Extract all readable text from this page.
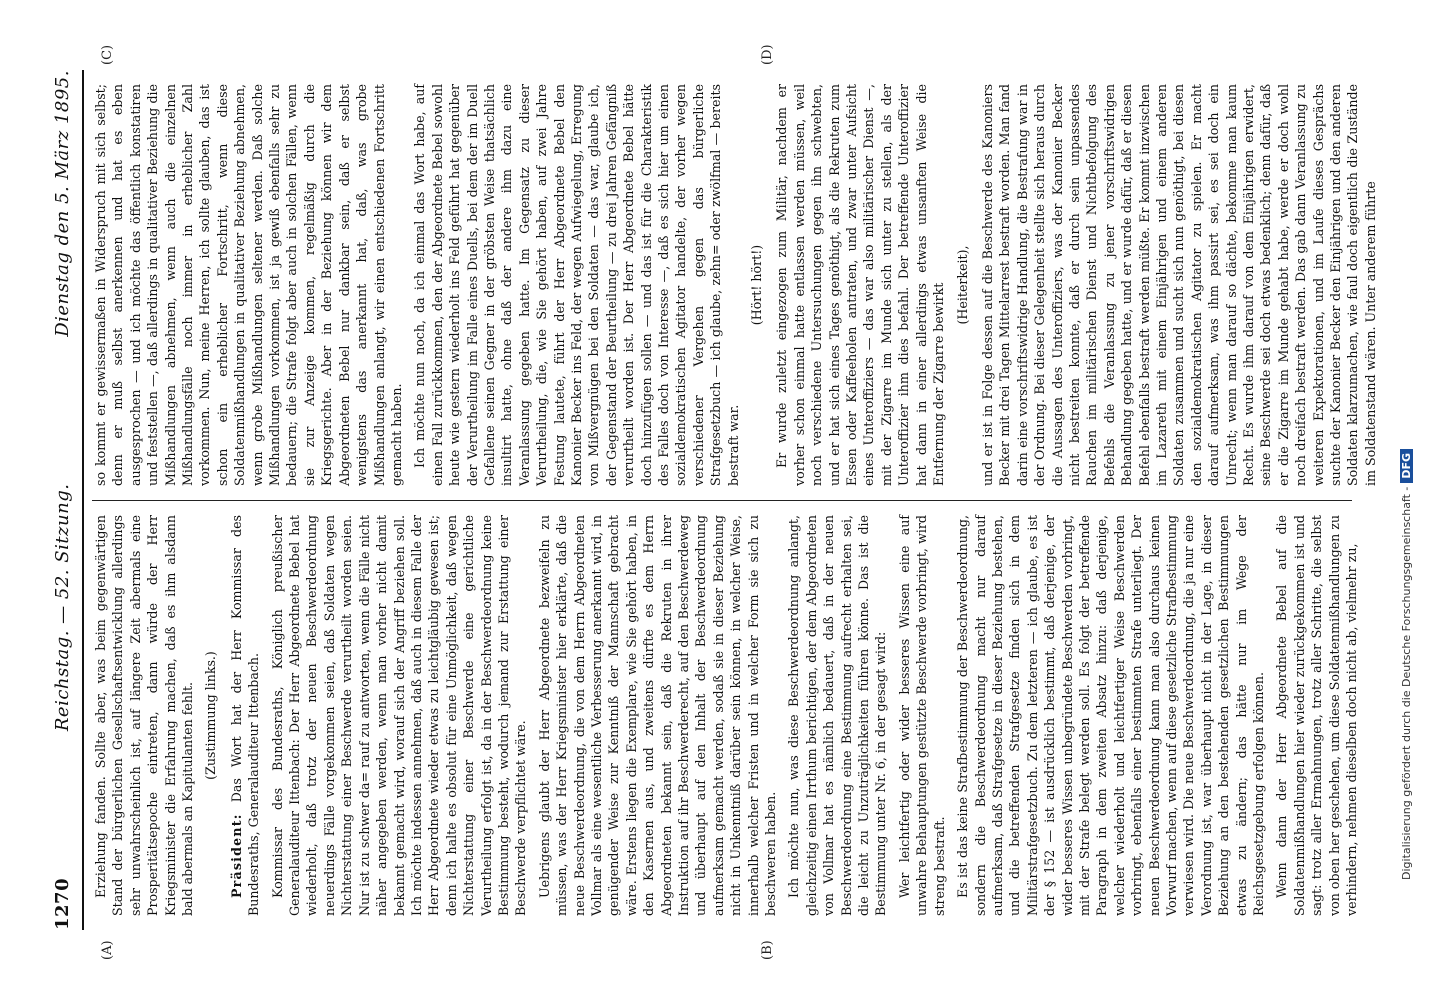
1270
Reichstag. — 52. Sitzung.
Dienstag den 5. März 1895.
(A)	(B)
(C)	(D)

Erziehung fanden. Sollte aber, was beim gegenwärtigen Stand der bürgerlichen Gesellschaftsentwicklung allerdings sehr unwahrscheinlich ist, auf längere Zeit abermals eine Prosperitätsepoche eintreten, dann würde der Herr Kriegsminister die Erfahrung machen, daß es ihm alsdann bald abermals an Kapitulanten fehlt. (Zustimmung links.)

Präsident: Das Wort hat der Herr Kommissar des Bundesraths, Generalauditeur Ittenbach. Kommissar des Bundesraths, Königlich preußischer Generalauditeur Ittenbach: Der Herr Abgeordnete Bebel hat wiederholt, daß trotz der neuen Beschwerdeordnung neuerdings Fälle vorgekommen seien, daß Soldaten wegen Nichterstattung einer Beschwerde verurtheilt worden seien. Nur ist zu schwer da= rauf zu antworten, wenn die Fälle nicht näher angegeben werden, wenn man vorher nicht damit bekannt gemacht wird, worauf sich der Angriff beziehen soll. Ich möchte indessen annehmen, daß auch in diesem Falle der Herr Abgeordnete wieder etwas zu leichtgläubig gewesen ist; denn ich halte es obsolut für eine Unmöglichkeit, daß wegen Nichterstattung einer Beschwerde eine gerichtliche Verurtheilung erfolgt ist, da in der Beschwerdeordnung keine Bestimmung besteht, wodurch jemand zur Erstattung einer Beschwerde verpflichtet wäre. Uebrigens glaubt der Herr Abgeordnete bezweifeln zu müssen, was der Herr Kriegsminister hier erklärte, daß die neue Beschwerdeordnung, die von dem Herrn Abgeordneten Vollmar als eine wesentliche Verbesserung anerkannt wird, in genügender Weise zur Kenntniß der Mannschaft gebracht wäre. Erstens liegen die Exemplare, wie Sie gehört haben, in den Kasernen aus, und zweitens dürfte es dem Herrn Abgeordneten bekannt sein, daß die Rekruten in ihrer Instruktion auf ihr Beschwerderecht, auf den Beschwerdeweg und überhaupt auf den Inhalt der Beschwerdeordnung aufmerksam gemacht werden, sodaß sie in dieser Beziehung nicht in Unkenntniß darüber sein können, in welcher Weise, innerhalb welcher Fristen und in welcher Form sie sich zu beschweren haben. Ich möchte nun, was diese Beschwerdeordnung anlangt, gleichzeitig einen Irrthum berichtigen, der dem Abgeordneten von Vollmar hat es nämlich bedauert, daß in der neuen Beschwerdeordnung eine Bestimmung aufrecht erhalten sei, die leicht zu Unzuträglichkeiten führen könne. Das ist die Bestimmung unter Nr. 6, in der gesagt wird: Wer leichtfertig oder wider besseres Wissen eine auf unwahre Behauptungen gestützte Beschwerde vorbringt, wird streng bestraft. Es ist das keine Strafbestimmung der Beschwerdeordnung, sondern die Beschwerdeordnung macht nur darauf aufmerksam, daß Strafgesetze in dieser Beziehung bestehen, und die betreffenden Strafgesetze finden sich in dem Militärstrafgesetzbuch. Zu dem letzteren — ich glaube, es ist der § 152 — ist ausdrücklich bestimmt, daß derjenige, der wider besseres Wissen unbegründete Beschwerden vorbringt, mit der Strafe belegt werden soll. Es folgt der betreffende Paragraph in dem zweiten Absatz hinzu: daß derjenige, welcher wiederholt und leichtfertiger Weise Beschwerden vorbringt, ebenfalls einer bestimmten Strafe unterliegt. Der neuen Beschwerdeordnung kann man also durchaus keinen Vorwurf machen, wenn auf diese gesetzliche Strafbestimmung verwiesen wird. Die neue Beschwerdeordnung, die ja nur eine Verordnung ist, war überhaupt nicht in der Lage, in dieser Beziehung an den bestehenden gesetzlichen Bestimmungen etwas zu ändern; das hätte nur im Wege der Reichsgesetzgebung erfolgen können. Wenn dann der Herr Abgeordnete Bebel auf die Soldatenmißhandlungen hier wieder zurückgekommen ist und sagt: trotz aller Ermahnungen, trotz aller Schritte, die selbst von oben her geschehen, um diese Soldatenmißhandlungen zu verhindern, nehmen dieselben doch nicht ab, vielmehr zu,

so kommt er gewissermaßen in Widerspruch mit sich selbst; denn er muß selbst anerkennen und hat es eben ausgesprochen — und ich möchte das öffentlich konstatiren und feststellen —, daß allerdings in qualitativer Beziehung die Mißhandlungen abnehmen, wenn auch die einzelnen Mißhandlungsfälle noch immer in erheblicher Zahl vorkommen. Nun, meine Herren, ich sollte glauben, das ist schon ein erheblicher Fortschritt, wenn diese Soldatenmißhandlungen in qualitativer Beziehung abnehmen, wenn grobe Mißhandlungen seltener werden. Daß solche Mißhandlungen vorkommen, ist ja gewiß ebenfalls sehr zu bedauern; die Strafe folgt aber auch in solchen Fällen, wenn sie zur Anzeige kommen, regelmäßig durch die Kriegsgerichte. Aber in der Beziehung können wir dem Abgeordneten Bebel nur dankbar sein, daß er selbst wenigstens das anerkannt hat, daß, was grobe Mißhandlungen anlangt, wir einen entschiedenen Fortschritt gemacht haben. Ich möchte nun noch, da ich einmal das Wort habe, auf einen Fall zurückkommen, den der Abgeordnete Bebel sowohl heute wie gestern wiederholt ins Feld geführt hat gegenüber der Verurtheilung im Falle eines Duells, bei dem der im Duell Gefallene seinen Gegner in der gröbsten Weise thatsächlich insultirt hatte, ohne daß der andere ihm dazu eine Veranlassung gegeben hatte. Im Gegensatz zu dieser Verurtheilung, die, wie Sie gehört haben, auf zwei Jahre Festung lautete, führt der Herr Abgeordnete Bebel den Kanonier Becker ins Feld, der wegen Aufwiegelung, Erregung von Mißvergnügen bei den Soldaten — das war, glaube ich, der Gegenstand der Beurtheilung — zu drei Jahren Gefängniß verurtheilt worden ist. Der Herr Abgeordnete Bebel hätte doch hinzufügen sollen — und das ist für die Charakteristik des Falles doch von Interesse —, daß es sich hier um einen sozialdemokratischen Agitator handelte, der vorher wegen verschiedener Vergehen gegen das bürgerliche Strafgesetzbuch — ich glaube, zehn= oder zwölfmal — bereits bestraft war.

(Hört! hört!) Er wurde zuletzt eingezogen zum Militär, nachdem er vorher schon einmal hatte entlassen werden müssen, weil noch verschiedene Untersuchungen gegen ihn schwebten, und er hat sich eines Tages genöthigt, als die Rekruten zum Essen oder Kaffeeholen antraten, und zwar unter Aufsicht eines Unteroffiziers — das war also militärischer Dienst —, mit der Zigarre im Munde sich unter zu stellen, als der Unteroffizier ihm dies befahl. Der betreffende Unteroffizier hat dann in einer allerdings etwas unsanften Weise die Entfernung der Zigarre bewirkt (Heiterkeit), und er ist in Folge dessen auf die Beschwerde des Kanoniers Becker mit drei Tagen Mittelarrest bestraft worden. Man fand darin eine vorschriftswidrige Handlung, die Bestrafung war in der Ordnung. Bei dieser Gelegenheit stellte sich heraus durch die Aussagen des Unteroffiziers, was der Kanonier Becker nicht bestreiten konnte, daß er durch sein unpassendes Rauchen im militärischen Dienst und Nichtbefolgung des Befehls die Veranlassung zu jener vorschriftswidrigen Behandlung gegeben hatte, und er wurde dafür, daß er diesen Befehl ebenfalls bestraft werden müßte. Er kommt inzwischen im Lazareth mit einem Einjährigen und einem anderen Soldaten zusammen und sucht sich nun genöthigt, bei diesen den sozialdemokratischen Agitator zu spielen. Er macht darauf aufmerksam, was ihm passirt sei, es sei doch ein Unrecht; wenn man darauf so dächte, bekomme man kaum Recht. Es wurde ihm darauf von dem Einjährigen erwidert, seine Beschwerde sei doch etwas bedenklich; denn dafür, daß er die Zigarre im Munde gehabt habe, werde er doch wohl noch dreifach bestraft werden. Das gab dann Veranlassung zu weiteren Expektorationen, und im Laufe dieses Gesprächs suchte der Kanonier Becker den Einjährigen und den anderen Soldaten klarzumachen, wie faul doch eigentlich die Zustände im Soldatenstand wären. Unter anderem führte

Digitalisierung gefördert durch die Deutsche Forschungsgemeinschaft -DFG
